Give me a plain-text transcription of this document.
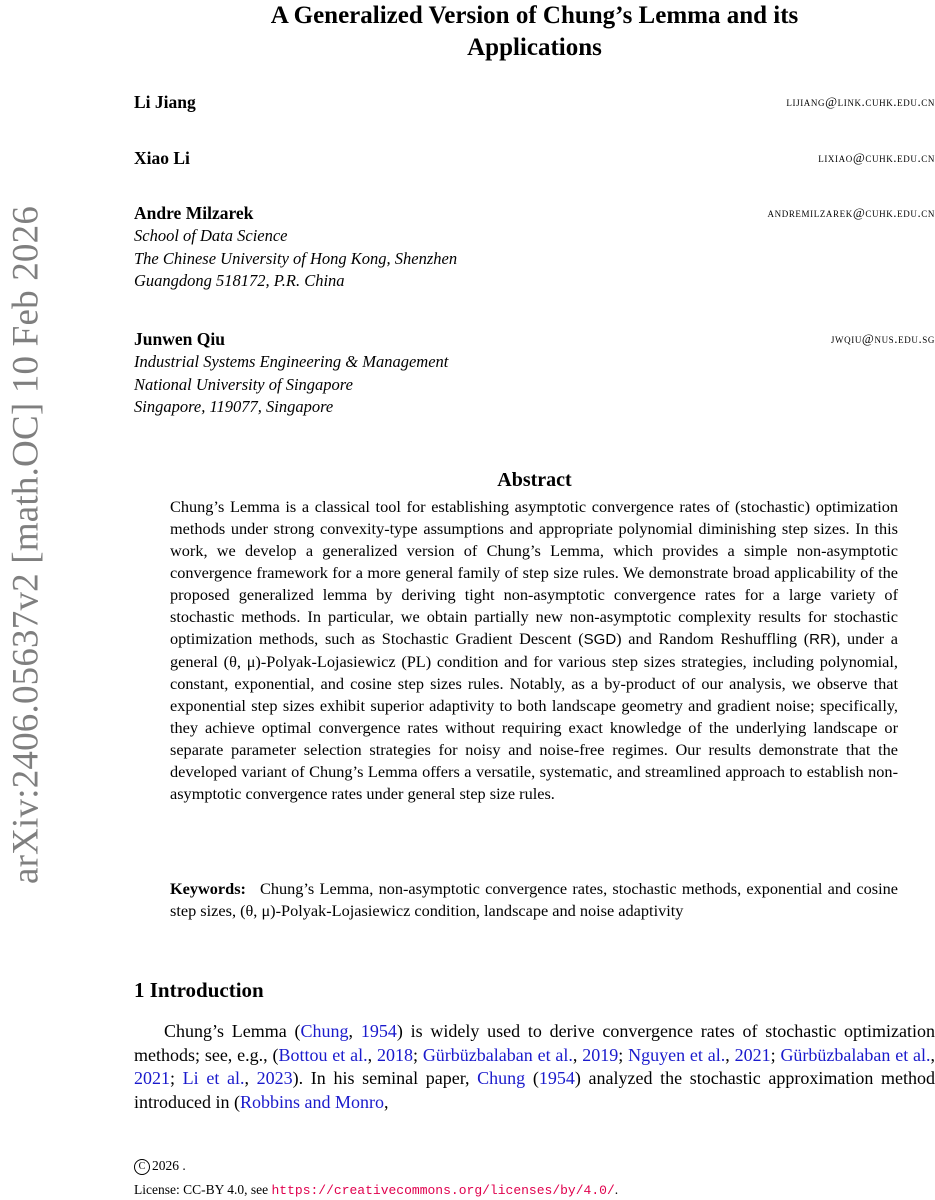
arXiv:2406.05637v2 [math.OC] 10 Feb 2026
A Generalized Version of Chung’s Lemma and its
Applications
Li Jiang	lijiang@link.cuhk.edu.cn
Xiao Li	lixiao@cuhk.edu.cn
Andre Milzarek	andremilzarek@cuhk.edu.cn
School of Data Science
The Chinese University of Hong Kong, Shenzhen
Guangdong 518172, P.R. China
Junwen Qiu	jwqiu@nus.edu.sg
Industrial Systems Engineering & Management
National University of Singapore
Singapore, 119077, Singapore
Abstract
Chung’s Lemma is a classical tool for establishing asymptotic convergence rates of (stochastic) optimization methods under strong convexity-type assumptions and appropriate polynomial diminishing step sizes. In this work, we develop a generalized version of Chung’s Lemma, which provides a simple non-asymptotic convergence framework for a more general family of step size rules. We demonstrate broad applicability of the proposed generalized lemma by deriving tight non-asymptotic convergence rates for a large variety of stochastic methods. In particular, we obtain partially new non-asymptotic complexity results for stochastic optimization methods, such as Stochastic Gradient Descent (SGD) and Random Reshuffling (RR), under a general (θ, μ)-Polyak-Lojasiewicz (PL) condition and for various step sizes strategies, including polynomial, constant, exponential, and cosine step sizes rules. Notably, as a by-product of our analysis, we observe that exponential step sizes exhibit superior adaptivity to both landscape geometry and gradient noise; specifically, they achieve optimal convergence rates without requiring exact knowledge of the underlying landscape or separate parameter selection strategies for noisy and noise-free regimes. Our results demonstrate that the developed variant of Chung’s Lemma offers a versatile, systematic, and streamlined approach to establish non-asymptotic convergence rates under general step size rules.
Keywords: Chung’s Lemma, non-asymptotic convergence rates, stochastic methods, exponential and cosine step sizes, (θ, μ)-Polyak-Lojasiewicz condition, landscape and noise adaptivity
1 Introduction
Chung’s Lemma (Chung, 1954) is widely used to derive convergence rates of stochastic optimization methods; see, e.g., (Bottou et al., 2018; Gürbüzbalaban et al., 2019; Nguyen et al., 2021; Gürbüzbalaban et al., 2021; Li et al., 2023). In his seminal paper, Chung (1954) analyzed the stochastic approximation method introduced in (Robbins and Monro,
C 2026 .
License: CC-BY 4.0, see https://creativecommons.org/licenses/by/4.0/.
